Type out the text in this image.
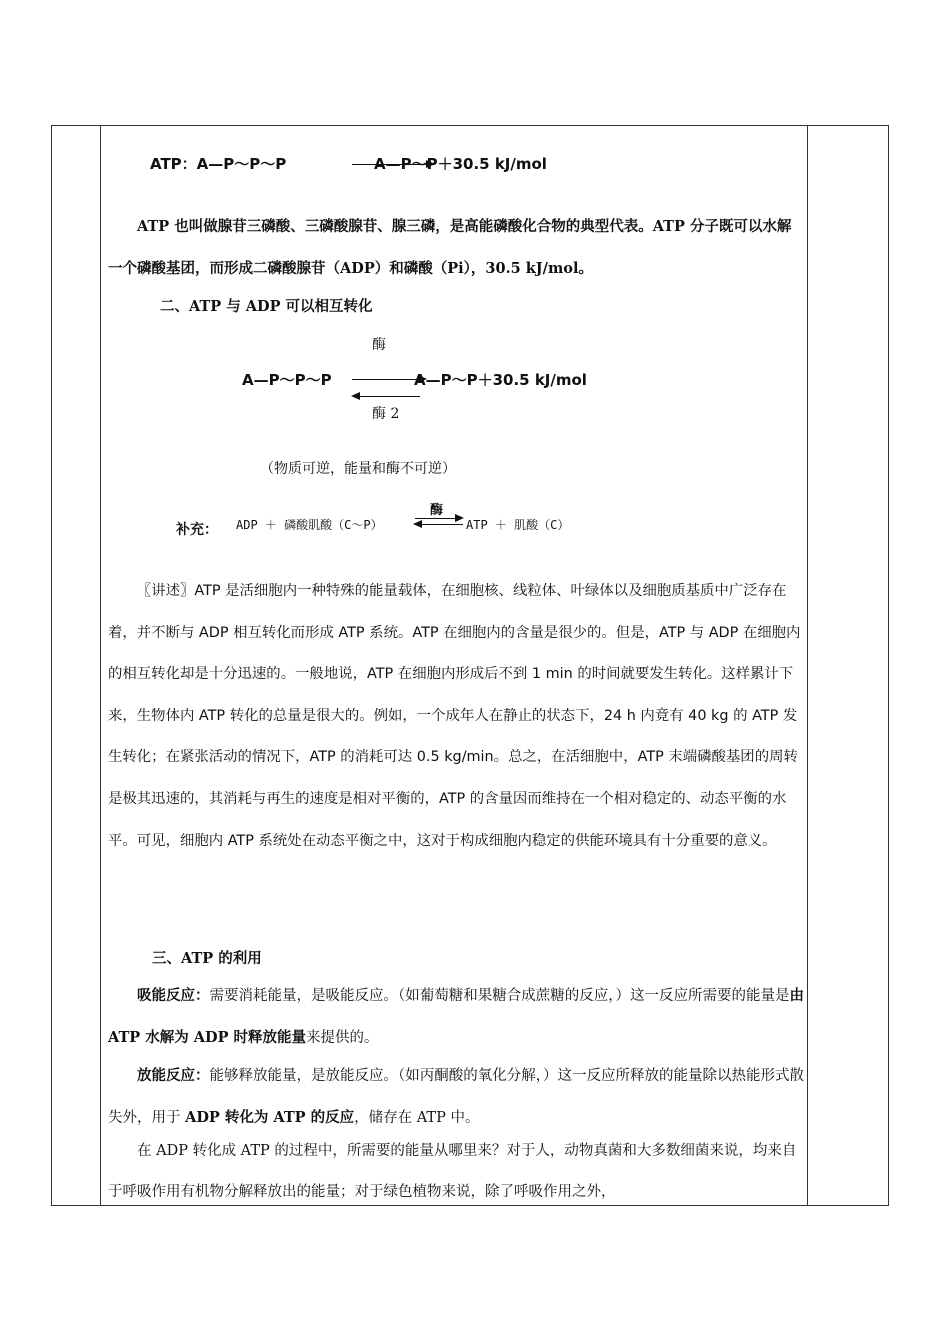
ATP：A—P～P～P	A—P～P＋30.5 kJ/mol

ATP 也叫做腺苷三磷酸、三磷酸腺苷、腺三磷，是高能磷酸化合物的典型代表。ATP 分子既可以水解一个磷酸基团，而形成二磷酸腺苷（ADP）和磷酸（Pi），30.5 kJ/mol。

二、ATP 与 ADP 可以相互转化
酶
A—P～P～P	A—P～P＋30.5 kJ/mol
酶 2
（物质可逆，能量和酶不可逆）
补充： ADP ＋ 磷酸肌酸（C～P）
酶
ATP ＋ 肌酸（C）

〖讲述〗ATP 是活细胞内一种特殊的能量载体，在细胞核、线粒体、叶绿体以及细胞质基质中广泛存在着，并不断与 ADP 相互转化而形成 ATP 系统。ATP 在细胞内的含量是很少的。但是，ATP 与 ADP 在细胞内的相互转化却是十分迅速的。一般地说，ATP 在细胞内形成后不到 1 min 的时间就要发生转化。这样累计下来，生物体内 ATP 转化的总量是很大的。例如，一个成年人在静止的状态下，24 h 内竟有 40 kg 的 ATP 发生转化；在紧张活动的情况下，ATP 的消耗可达 0.5 kg/min。总之，在活细胞中，ATP 末端磷酸基团的周转是极其迅速的，其消耗与再生的速度是相对平衡的，ATP 的含量因而维持在一个相对稳定的、动态平衡的水平。可见，细胞内 ATP 系统处在动态平衡之中，这对于构成细胞内稳定的供能环境具有十分重要的意义。

三、ATP 的利用

吸能反应：需要消耗能量，是吸能反应。（如葡萄糖和果糖合成蔗糖的反应，）这一反应所需要的能量是由 ATP 水解为 ADP 时释放能量来提供的。

放能反应：能够释放能量，是放能反应。（如丙酮酸的氧化分解，）这一反应所释放的能量除以热能形式散失外，用于 ADP 转化为 ATP 的反应，储存在 ATP 中。

在 ADP 转化成 ATP 的过程中，所需要的能量从哪里来？对于人，动物真菌和大多数细菌来说，均来自于呼吸作用有机物分解释放出的能量；对于绿色植物来说，除了呼吸作用之外，
